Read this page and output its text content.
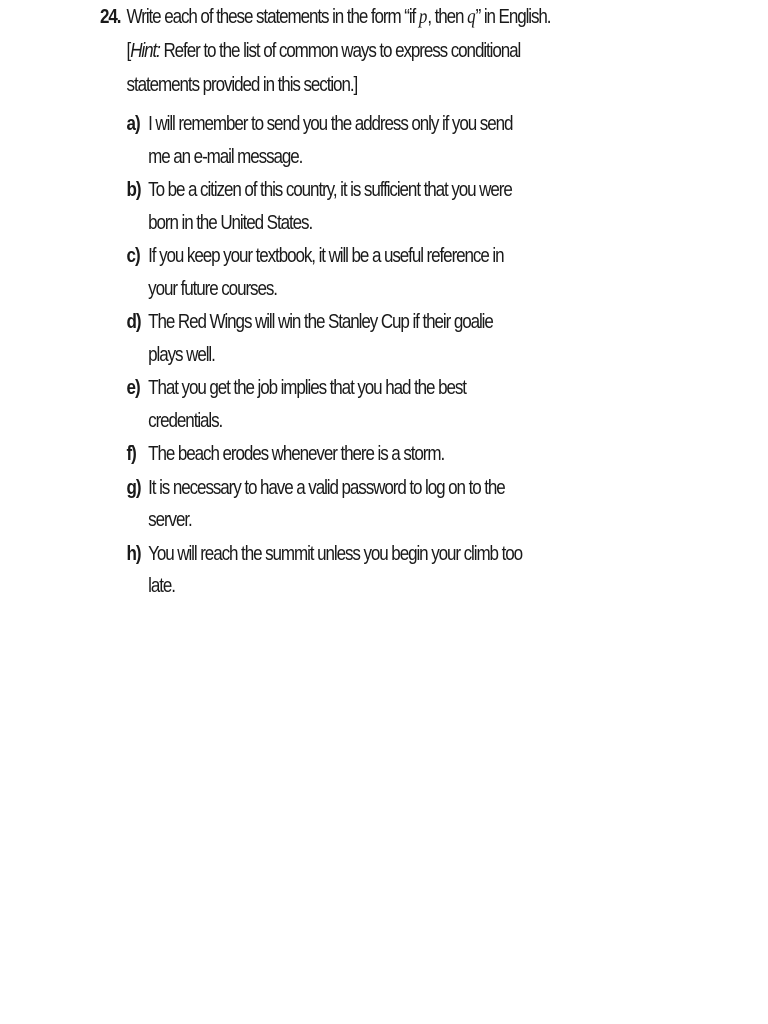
24. Write each of these statements in the form “if p, then q” in English. [Hint: Refer to the list of common ways to express conditional statements provided in this section.]
a) I will remember to send you the address only if you send me an e-mail message.
b) To be a citizen of this country, it is sufficient that you were born in the United States.
c) If you keep your textbook, it will be a useful reference in your future courses.
d) The Red Wings will win the Stanley Cup if their goalie plays well.
e) That you get the job implies that you had the best credentials.
f) The beach erodes whenever there is a storm.
g) It is necessary to have a valid password to log on to the server.
h) You will reach the summit unless you begin your climb too late.
